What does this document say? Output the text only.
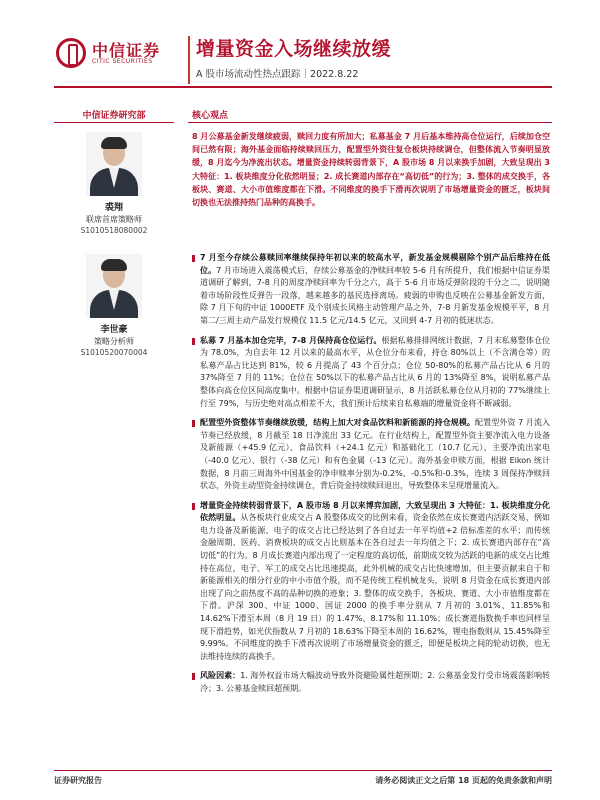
中信证券
CITIC SECURITIES
增量资金入场继续放缓
A 股市场流动性热点跟踪｜2022.8.22
中信证券研究部
裘翔
联席首席策略师
S1010518080002
李世豪
策略分析师
S1010520070004
核心观点
8 月公募基金新发继续疲弱，赎回力度有所加大；私募基金 7 月后基本维持高仓位运行，后续加仓空间已然有限；海外基金面临持续赎回压力，配置型外资往复仓板块持续调仓，但整体流入节奏明显放缓，8 月迄今为净流出状态。增量资金持续转弱背景下，A 股市场 8 月以来换手加剧，大致呈现出 3 大特征：1. 板块维度分化依然明显；2. 成长赛道内部存在“高切低”的行为；3. 整体的成交换手，各板块、赛道、大小市值维度都在下滑。不同维度的换手下滑再次说明了市场增量资金的匮乏，板块间切换也无法推持热门品种的高换手。
7 月至今存续公募赎回率继续保持年初以来的较高水平，新发基金规模剔除个别产品后维持在低位。7 月市场进入震荡模式后，存续公募基金的净赎回率较 5-6 月有所提升，我们根据中信证券渠道调研了解到，7-8 月的周度净赎回率为千分之六，高于 5-6 月市场反弹阶段的千分之二，说明随着市场阶段性反弹告一段落，越来越多的基民选择离场。疲弱的申购也反映在公募基金新发方面，除 7 月下旬的中证 1000ETF 及个别成长风格主动管理产品之外，7-8 月新发基金规模平平，8 月第二/三周主动产品发行规模仅 11.5 亿元/14.5 亿元，又回到 4-7 月初的低迷状态。
私募 7 月基本加仓完毕，7-8 月保持高仓位运行。根据私募排排网统计数据，7 月末私募整体仓位为 78.0%，为自去年 12 月以来的最高水平，从仓位分布来看，持仓 80%以上（不含满仓等）的私募产品占比达到 81%，较 6 月提高了 43 个百分点；仓位 50-80%的私募产品占比从 6 月的 37%降至 7 月的 11%；仓位在 50%以下的私募产品占比从 6 月的 13%降至 8%，说明私募产品整体向高仓位区间高度集中。根据中信证券渠道调研显示，8 月活跃私募仓位从月初的 77%继续上行至 79%，与历史绝对高点相差不大，我们预计后续来自私募端的增量资金将不断减弱。
配置型外资整体节奏继续放缓，结构上加大对食品饮料和新能源的持仓规模。配置型外资 7 月流入节奏已经放缓，8 月截至 18 日净流出 33 亿元。在行业结构上，配置型外资主要净流入电力设备及新能源（+45.9 亿元）、食品饮料（+24.1 亿元）和基础化工（10.7 亿元），主要净流出家电（-40.0 亿元）、银行（-38 亿元）和有色金属（-13 亿元）。海外基金申赎方面，根据 Eikon 统计数据，8 月前三周海外中国基金的净申赎率分别为-0.2%、-0.5%和-0.3%，连续 3 周保持净赎回状态，外资主动型资金持续调仓，背后资金持续赎回退出，导致整体未呈现增量流入。
增量资金持续转弱背景下，A 股市场 8 月以来博弈加剧，大致呈现出 3 大特征：1. 板块维度分化依然明显。从各板块行业成交占 A 股整体成交的比例来看，资金依然在成长赛道内活跃交易，例如电力设备及新能源、电子的成交占比已经达到了各自过去一年平均值+2 倍标准差的水平；而传统金融周期、医药、消费板块的成交占比则基本在各自过去一年均值之下；2. 成长赛道内部存在“高切低”的行为。8 月成长赛道内部出现了一定程度的高切低，前期成交较为活跃的电新的成交占比维持在高位，电子、军工的成交占比迅速提高，此外机械的成交占比快速增加，但主要贡献来自于和新能源相关的细分行业的中小市值个股，而不是传统工程机械龙头，说明 8 月资金在成长赛道内部出现了向之前热度不高的品种切换的迹象；3. 整体的成交换手，各板块、赛道、大小市值维度都在下滑。沪深 300、中证 1000、国证 2000 的换手率分别从 7 月初的 3.01%、11.85%和 14.62%下滑至本周（8 月 19 日）的 1.47%、8.17%和 11.10%；成长赛道指数换手率也同样呈现下滑趋势，如光伏指数从 7 月初的 18.63%下降至本周的 16.62%，锂电指数则从 15.45%降至 9.99%。不同维度的换手下滑再次说明了市场增量资金的匮乏，即便是板块之间的轮动切换，也无法维持连续的高换手。
风险因素：1. 海外权益市场大幅波动导致外资避险属性超预期；2. 公募基金发行受市场震荡影响转冷；3. 公募基金赎回超预期。
证券研究报告	请务必阅读正文之后第 18 页起的免责条款和声明
